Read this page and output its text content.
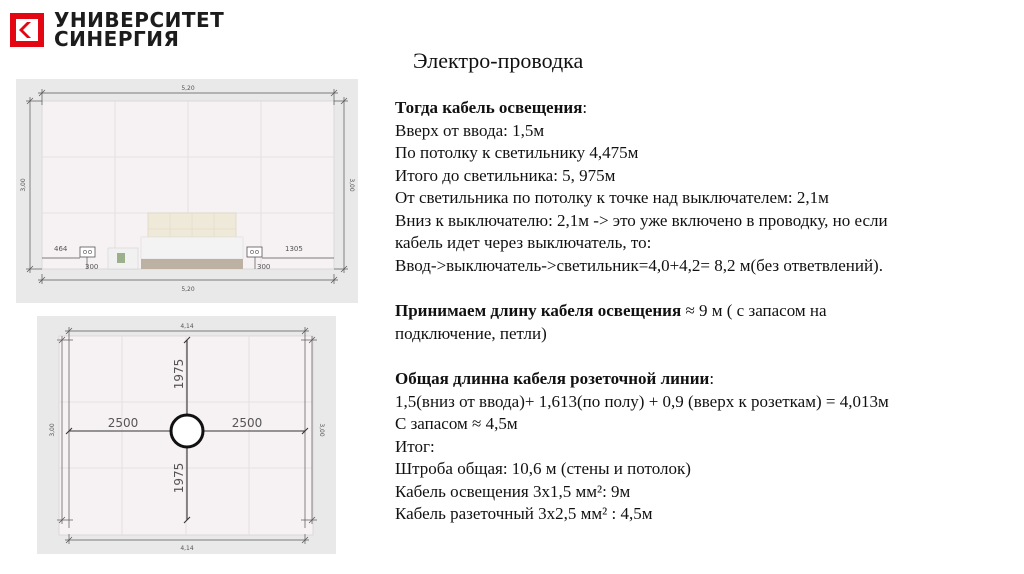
УНИВЕРСИТЕТ
СИНЕРГИЯ
Электро-проводка
5,20
5,20
3,00	3,00
464
300
1305
300
4,14
4,14
3,00	3,00
1975
1975
2500	2500
Тогда кабель освещения:
Вверх от ввода: 1,5м
По потолку к светильнику 4,475м
Итого до светильника: 5, 975м
От светильника по потолку к точке над выключателем: 2,1м
Вниз к выключателю: 2,1м -> это уже включено в проводку, но если
кабель идет через выключатель, то:
Ввод->выключатель->светильник=4,0+4,2= 8,2 м(без ответвлений).
Принимаем длину кабеля освещения ≈ 9 м ( с запасом на
подключение, петли)
Общая длинна кабеля розеточной линии:
1,5(вниз от ввода)+ 1,613(по полу) + 0,9 (вверх к розеткам) = 4,013м
С запасом ≈ 4,5м
Итог:
Штроба общая: 10,6 м (стены и потолок)
Кабель освещения 3х1,5 мм²: 9м
Кабель разеточный 3х2,5 мм² : 4,5м
